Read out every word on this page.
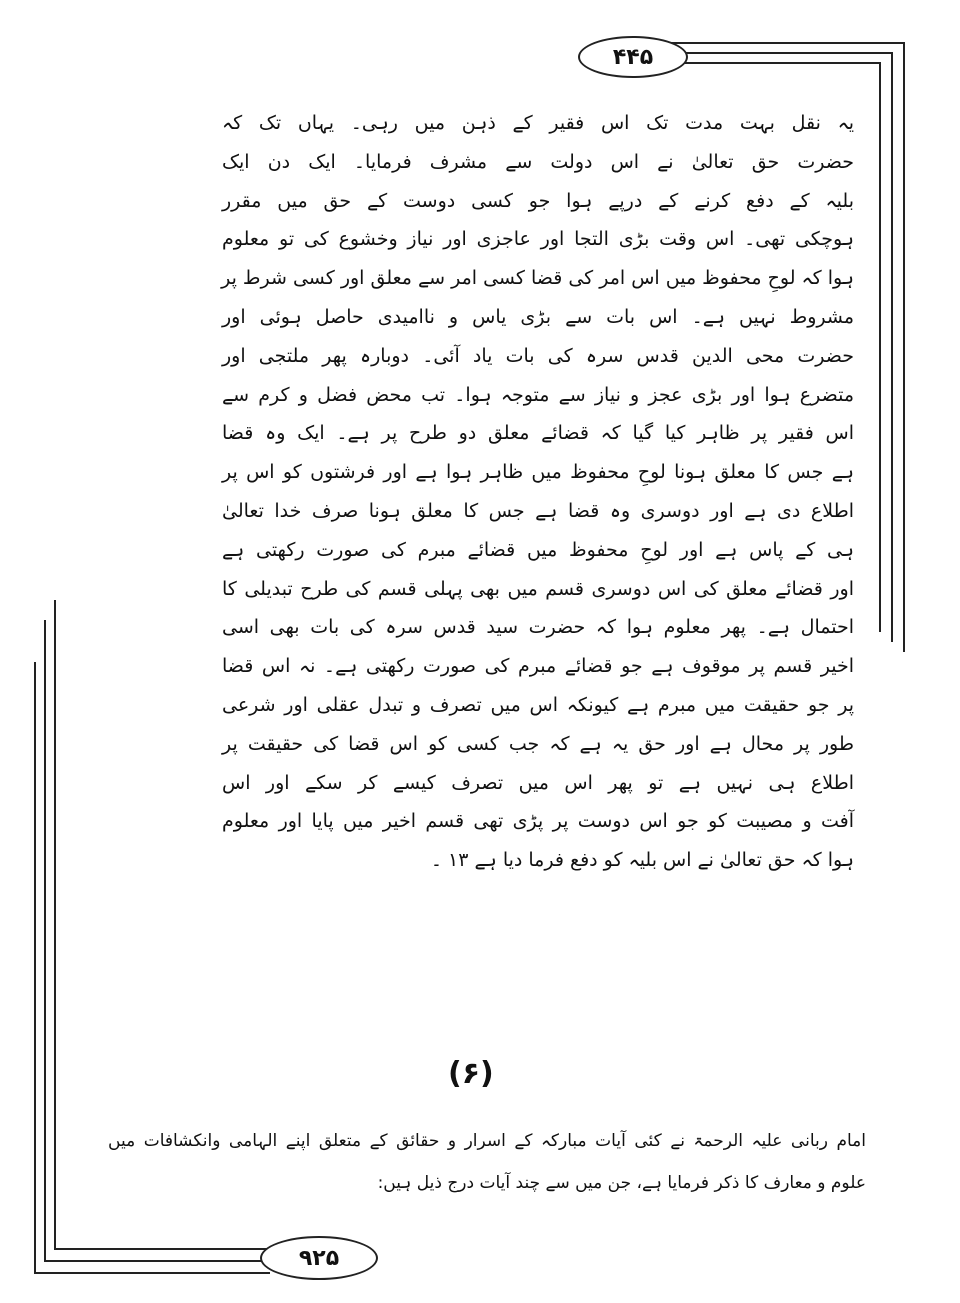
۴۴۵
یہ نقل بہت مدت تک اس فقیر کے ذہن میں رہی۔ یہاں تک کہ
حضرت حق تعالیٰ نے اس دولت سے مشرف فرمایا۔ ایک دن ایک
بلیہ کے دفع کرنے کے درپے ہوا جو کسی دوست کے حق میں مقرر
ہوچکی تھی۔ اس وقت بڑی التجا اور عاجزی اور نیاز وخشوع کی تو معلوم
ہوا کہ لوحِ محفوظ میں اس امر کی قضا کسی امر سے معلق اور کسی شرط پر
مشروط نہیں ہے۔ اس بات سے بڑی یاس و ناامیدی حاصل ہوئی اور
حضرت محی الدین قدس سرہ کی بات یاد آئی۔ دوبارہ پھر ملتجی اور
متضرع ہوا اور بڑی عجز و نیاز سے متوجہ ہوا۔ تب محض فضل و کرم سے
اس فقیر پر ظاہر کیا گیا کہ قضائے معلق دو طرح پر ہے۔ ایک وہ قضا
ہے جس کا معلق ہونا لوحِ محفوظ میں ظاہر ہوا ہے اور فرشتوں کو اس پر
اطلاع دی ہے اور دوسری وہ قضا ہے جس کا معلق ہونا صرف خدا تعالیٰ
ہی کے پاس ہے اور لوحِ محفوظ میں قضائے مبرم کی صورت رکھتی ہے
اور قضائے معلق کی اس دوسری قسم میں بھی پہلی قسم کی طرح تبدیلی کا
احتمال ہے۔ پھر معلوم ہوا کہ حضرت سید قدس سرہ کی بات بھی اسی
اخیر قسم پر موقوف ہے جو قضائے مبرم کی صورت رکھتی ہے۔ نہ اس قضا
پر جو حقیقت میں مبرم ہے کیونکہ اس میں تصرف و تبدل عقلی اور شرعی
طور پر محال ہے اور حق یہ ہے کہ جب کسی کو اس قضا کی حقیقت پر
اطلاع ہی نہیں ہے تو پھر اس میں تصرف کیسے کر سکے اور اس
آفت و مصیبت کو جو اس دوست پر پڑی تھی قسم اخیر میں پایا اور معلوم
ہوا کہ حق تعالیٰ نے اس بلیہ کو دفع فرما دیا ہے ۱۳ ۔
(۶)
امام ربانی علیہ الرحمۃ نے کئی آیات مبارکہ کے اسرار و حقائق کے متعلق اپنے الہامی وانکشافات میں
علوم و معارف کا ذکر فرمایا ہے، جن میں سے چند آیات درج ذیل ہیں:
۹۲۵
